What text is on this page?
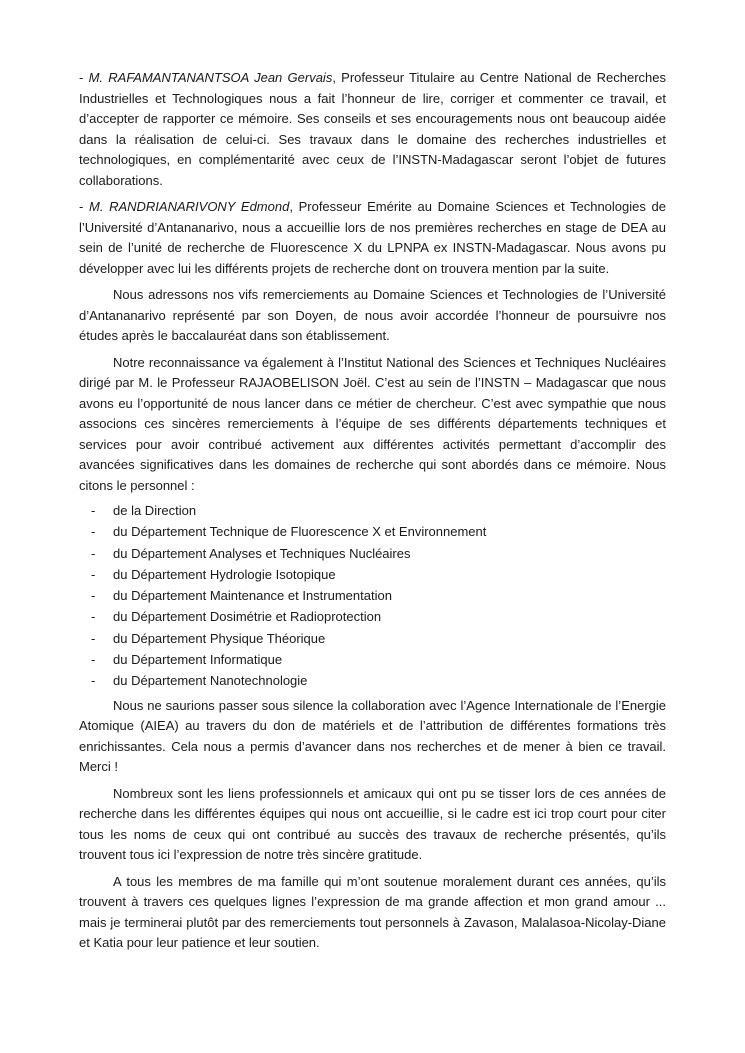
- M. RAFAMANTANANTSOA Jean Gervais, Professeur Titulaire au Centre National de Recherches Industrielles et Technologiques nous a fait l’honneur de lire, corriger et commenter ce travail, et d’accepter de rapporter ce mémoire. Ses conseils et ses encouragements nous ont beaucoup aidée dans la réalisation de celui-ci. Ses travaux dans le domaine des recherches industrielles et technologiques, en complémentarité avec ceux de l’INSTN-Madagascar seront l’objet de futures collaborations.

- M. RANDRIANARIVONY Edmond, Professeur Emérite au Domaine Sciences et Technologies de l’Université d’Antananarivo, nous a accueillie lors de nos premières recherches en stage de DEA au sein de l’unité de recherche de Fluorescence X du LPNPA ex INSTN-Madagascar. Nous avons pu développer avec lui les différents projets de recherche dont on trouvera mention par la suite.

Nous adressons nos vifs remerciements au Domaine Sciences et Technologies de l’Université d’Antananarivo représenté par son Doyen, de nous avoir accordée l’honneur de poursuivre nos études après le baccalauréat dans son établissement.

Notre reconnaissance va également à l’Institut National des Sciences et Techniques Nucléaires dirigé par M. le Professeur RAJAOBELISON Joël. C’est au sein de l’INSTN – Madagascar que nous avons eu l’opportunité de nous lancer dans ce métier de chercheur. C’est avec sympathie que nous associons ces sincères remerciements à l’équipe de ses différents départements techniques et services pour avoir contribué activement aux différentes activités permettant d’accomplir des avancées significatives dans les domaines de recherche qui sont abordés dans ce mémoire. Nous citons le personnel :

-	de la Direction
-	du Département Technique de Fluorescence X et Environnement
-	du Département Analyses et Techniques Nucléaires
-	du Département Hydrologie Isotopique
-	du Département Maintenance et Instrumentation
-	du Département Dosimétrie et Radioprotection
-	du Département Physique Théorique
-	du Département Informatique
-	du Département Nanotechnologie

Nous ne saurions passer sous silence la collaboration avec l’Agence Internationale de l’Energie Atomique (AIEA) au travers du don de matériels et de l’attribution de différentes formations très enrichissantes. Cela nous a permis d’avancer dans nos recherches et de mener à bien ce travail. Merci !

Nombreux sont les liens professionnels et amicaux qui ont pu se tisser lors de ces années de recherche dans les différentes équipes qui nous ont accueillie, si le cadre est ici trop court pour citer tous les noms de ceux qui ont contribué au succès des travaux de recherche présentés, qu’ils trouvent tous ici l’expression de notre très sincère gratitude.

A tous les membres de ma famille qui m’ont soutenue moralement durant ces années, qu’ils trouvent à travers ces quelques lignes l’expression de ma grande affection et mon grand amour ... mais je terminerai plutôt par des remerciements tout personnels à Zavason, Malalasoa-Nicolay-Diane et Katia pour leur patience et leur soutien.
